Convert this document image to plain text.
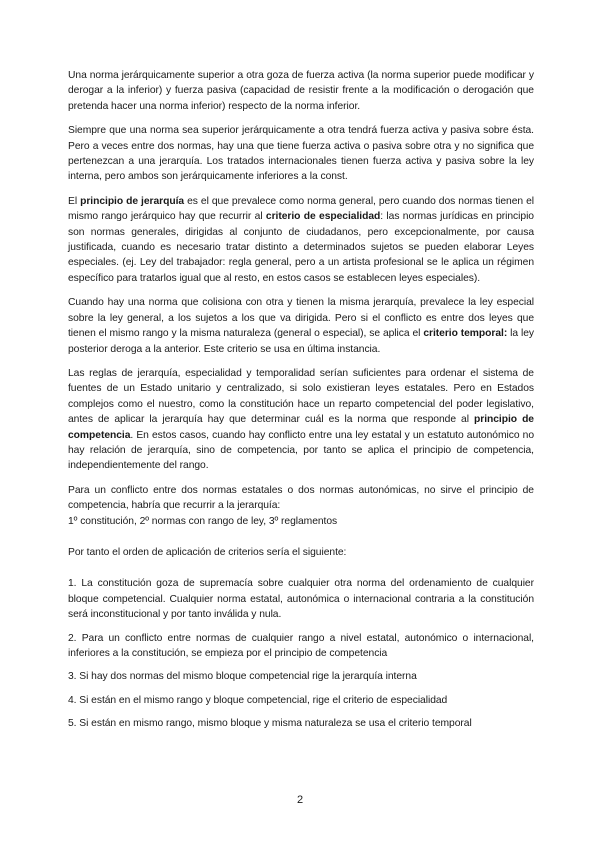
Una norma jerárquicamente superior a otra goza de fuerza activa (la norma superior puede modificar y derogar a la inferior) y fuerza pasiva (capacidad de resistir frente a la modificación o derogación que pretenda hacer una norma inferior) respecto de la norma inferior.

Siempre que una norma sea superior jerárquicamente a otra tendrá fuerza activa y pasiva sobre ésta. Pero a veces entre dos normas, hay una que tiene fuerza activa o pasiva sobre otra y no significa que pertenezcan a una jerarquía. Los tratados internacionales tienen fuerza activa y pasiva sobre la ley interna, pero ambos son jerárquicamente inferiores a la const.

El principio de jerarquía es el que prevalece como norma general, pero cuando dos normas tienen el mismo rango jerárquico hay que recurrir al criterio de especialidad: las normas jurídicas en principio son normas generales, dirigidas al conjunto de ciudadanos, pero excepcionalmente, por causa justificada, cuando es necesario tratar distinto a determinados sujetos se pueden elaborar Leyes especiales. (ej. Ley del trabajador: regla general, pero a un artista profesional se le aplica un régimen específico para tratarlos igual que al resto, en estos casos se establecen leyes especiales).

Cuando hay una norma que colisiona con otra y tienen la misma jerarquía, prevalece la ley especial sobre la ley general, a los sujetos a los que va dirigida. Pero si el conflicto es entre dos leyes que tienen el mismo rango y la misma naturaleza (general o especial), se aplica el criterio temporal: la ley posterior deroga a la anterior. Este criterio se usa en última instancia.

Las reglas de jerarquía, especialidad y temporalidad serían suficientes para ordenar el sistema de fuentes de un Estado unitario y centralizado, si solo existieran leyes estatales. Pero en Estados complejos como el nuestro, como la constitución hace un reparto competencial del poder legislativo, antes de aplicar la jerarquía hay que determinar cuál es la norma que responde al principio de competencia. En estos casos, cuando hay conflicto entre una ley estatal y un estatuto autonómico no hay relación de jerarquía, sino de competencia, por tanto se aplica el principio de competencia, independientemente del rango.

Para un conflicto entre dos normas estatales o dos normas autonómicas, no sirve el principio de competencia, habría que recurrir a la jerarquía:
1º constitución, 2º normas con rango de ley, 3º reglamentos

Por tanto el orden de aplicación de criterios sería el siguiente:

1. La constitución goza de supremacía sobre cualquier otra norma del ordenamiento de cualquier bloque competencial. Cualquier norma estatal, autonómica o internacional contraria a la constitución será inconstitucional y por tanto inválida y nula.

2. Para un conflicto entre normas de cualquier rango a nivel estatal, autonómico o internacional, inferiores a la constitución, se empieza por el principio de competencia

3. Si hay dos normas del mismo bloque competencial rige la jerarquía interna

4. Si están en el mismo rango y bloque competencial, rige el criterio de especialidad

5. Si están en mismo rango, mismo bloque y misma naturaleza se usa el criterio temporal

2
